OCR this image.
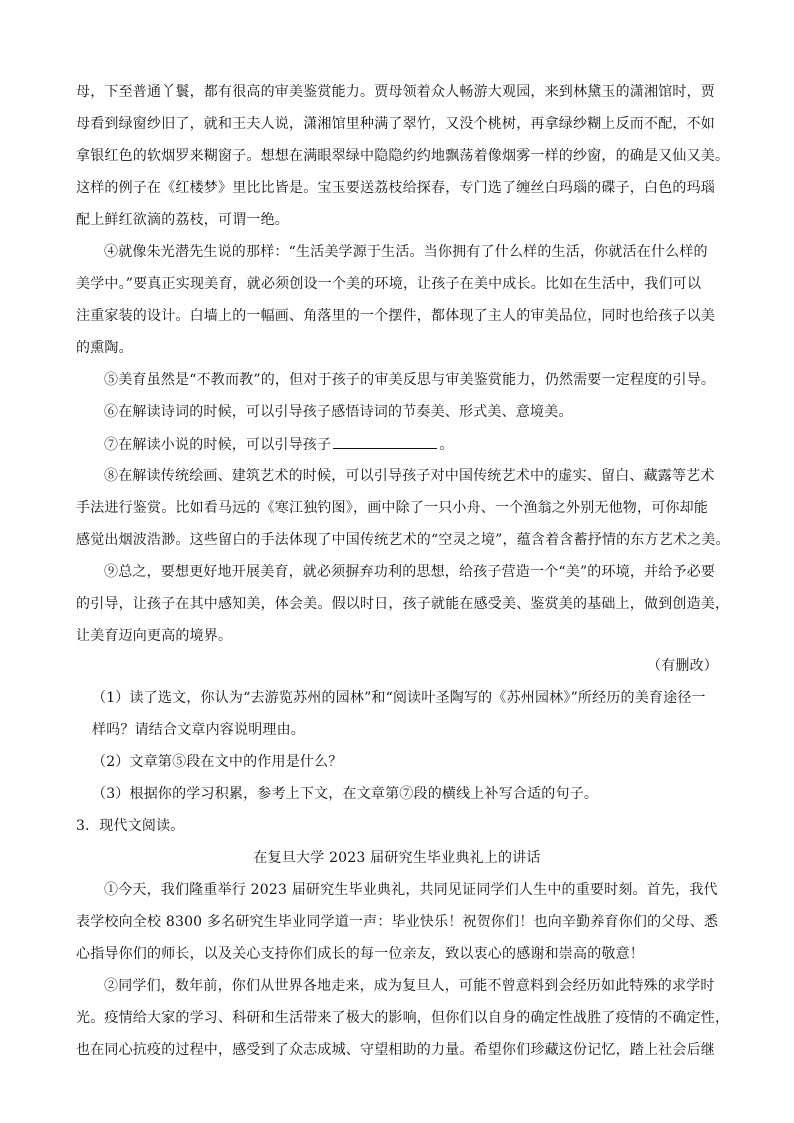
母，下至普通丫鬟，都有很高的审美鉴赏能力。贾母领着众人畅游大观园，来到林黛玉的潇湘馆时，贾
母看到绿窗纱旧了，就和王夫人说，潇湘馆里种满了翠竹，又没个桃树，再拿绿纱糊上反而不配，不如
拿银红色的软烟罗来糊窗子。想想在满眼翠绿中隐隐约约地飘荡着像烟雾一样的纱窗，的确是又仙又美。
这样的例子在《红楼梦》里比比皆是。宝玉要送荔枝给探春，专门选了缠丝白玛瑙的碟子，白色的玛瑙
配上鲜红欲滴的荔枝，可谓一绝。
④就像朱光潜先生说的那样：“生活美学源于生活。当你拥有了什么样的生活，你就活在什么样的
美学中。”要真正实现美育，就必须创设一个美的环境，让孩子在美中成长。比如在生活中，我们可以
注重家装的设计。白墙上的一幅画、角落里的一个摆件，都体现了主人的审美品位，同时也给孩子以美
的熏陶。
⑤美育虽然是“不教而教”的，但对于孩子的审美反思与审美鉴赏能力，仍然需要一定程度的引导。
⑥在解读诗词的时候，可以引导孩子感悟诗词的节奏美、形式美、意境美。
⑦在解读小说的时候，可以引导孩子	。
⑧在解读传统绘画、建筑艺术的时候，可以引导孩子对中国传统艺术中的虚实、留白、藏露等艺术
手法进行鉴赏。比如看马远的《寒江独钓图》，画中除了一只小舟、一个渔翁之外别无他物，可你却能
感觉出烟波浩渺。这些留白的手法体现了中国传统艺术的“空灵之境”，蕴含着含蓄抒情的东方艺术之美。
⑨总之，要想更好地开展美育，就必须摒弃功利的思想，给孩子营造一个“美”的环境，并给予必要
的引导，让孩子在其中感知美，体会美。假以时日，孩子就能在感受美、鉴赏美的基础上，做到创造美，
让美育迈向更高的境界。
（有删改）
（1）读了选文，你认为“去游览苏州的园林”和“阅读叶圣陶写的《苏州园林》”所经历的美育途径一
样吗？请结合文章内容说明理由。
（2）文章第⑤段在文中的作用是什么？
（3）根据你的学习积累，参考上下文，在文章第⑦段的横线上补写合适的句子。
3．现代文阅读。
在复旦大学 2023 届研究生毕业典礼上的讲话
①今天，我们隆重举行 2023 届研究生毕业典礼，共同见证同学们人生中的重要时刻。首先，我代
表学校向全校 8300 多名研究生毕业同学道一声：毕业快乐！祝贺你们！也向辛勤养育你们的父母、悉
心指导你们的师长，以及关心支持你们成长的每一位亲友，致以衷心的感谢和崇高的敬意！
②同学们，数年前，你们从世界各地走来，成为复旦人，可能不曾意料到会经历如此特殊的求学时
光。疫情给大家的学习、科研和生活带来了极大的影响，但你们以自身的确定性战胜了疫情的不确定性，
也在同心抗疫的过程中，感受到了众志成城、守望相助的力量。希望你们珍藏这份记忆，踏上社会后继
